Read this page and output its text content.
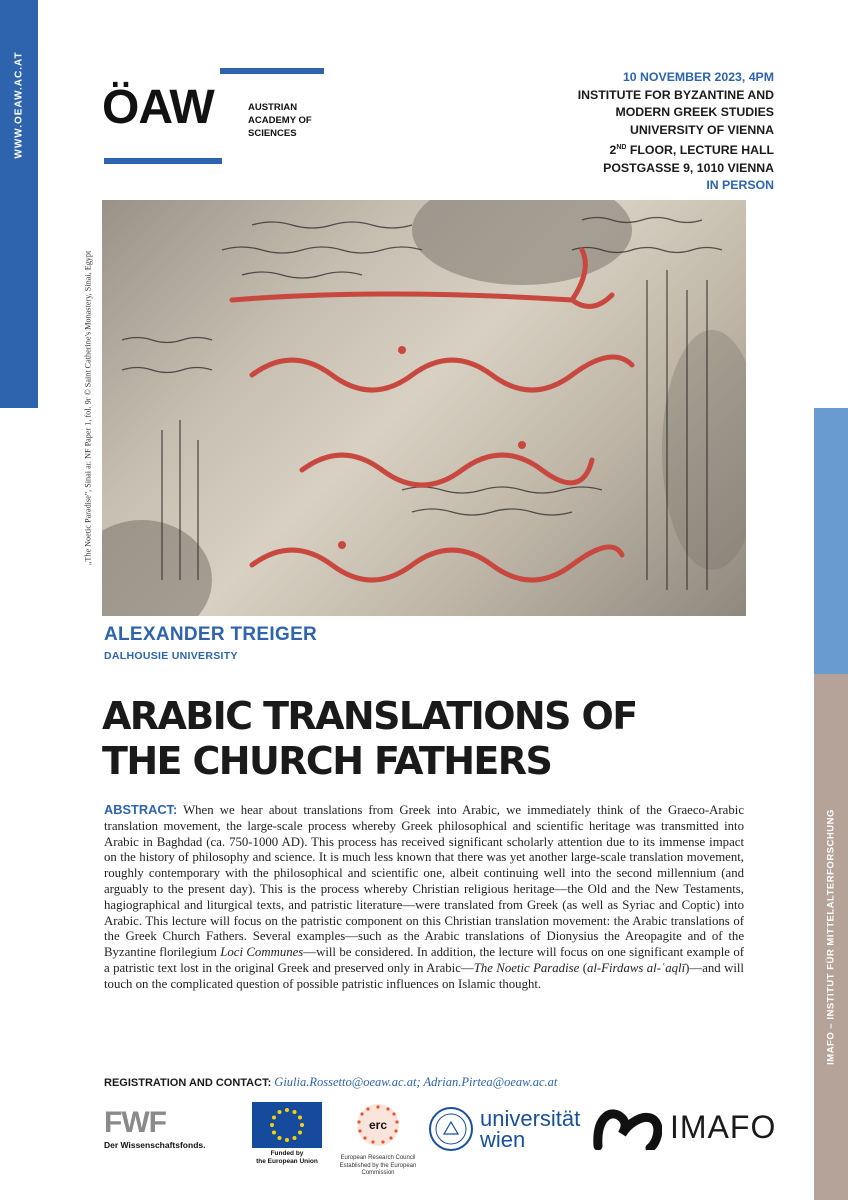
WWW.OEAW.AC.AT
IMAFO – INSTITUT FÜR MITTELALTERFORSCHUNG
ÖAW	AUSTRIAN
ACADEMY OF
SCIENCES
10 NOVEMBER 2023, 4PM
INSTITUTE FOR BYZANTINE AND
MODERN GREEK STUDIES
UNIVERSITY OF VIENNA
2ND FLOOR, LECTURE HALL
POSTGASSE 9, 1010 VIENNA
IN PERSON
„The Noetic Paradise", Sinai ar. NF Paper 1, fol. 9r © Saint Catherine's Monastery, Sinai, Egypt
ALEXANDER TREIGER
DALHOUSIE UNIVERSITY
ARABIC TRANSLATIONS OF
THE CHURCH FATHERS
ABSTRACT: When we hear about translations from Greek into Arabic, we immediately think of the Graeco-Arabic translation movement, the large-scale process whereby Greek philosophical and scientific heritage was transmitted into Arabic in Baghdad (ca. 750-1000 AD). This process has received significant scholarly attention due to its immense impact on the history of philosophy and science. It is much less known that there was yet another large-scale translation movement, roughly contemporary with the philosophical and scientific one, albeit continuing well into the second millennium (and arguably to the present day). This is the process whereby Christian religious heritage—the Old and the New Testaments, hagiographical and liturgical texts, and patristic literature—were translated from Greek (as well as Syriac and Coptic) into Arabic. This lecture will focus on the patristic component on this Christian translation movement: the Arabic translations of the Greek Church Fathers. Several examples—such as the Arabic translations of Dionysius the Areopagite and of the Byzantine florilegium Loci Communes—will be considered. In addition, the lecture will focus on one significant example of a patristic text lost in the original Greek and preserved only in Arabic—The Noetic Paradise (al-Firdaws al-ʿaqlī)—and will touch on the complicated question of possible patristic influences on Islamic thought.
REGISTRATION AND CONTACT: Giulia.Rossetto@oeaw.ac.at; Adrian.Pirtea@oeaw.ac.at
FWF
Der Wissenschaftsfonds.
Funded by
the European Union
erc
European Research Council
Established by the European Commission
universität
wien	IMAFO
